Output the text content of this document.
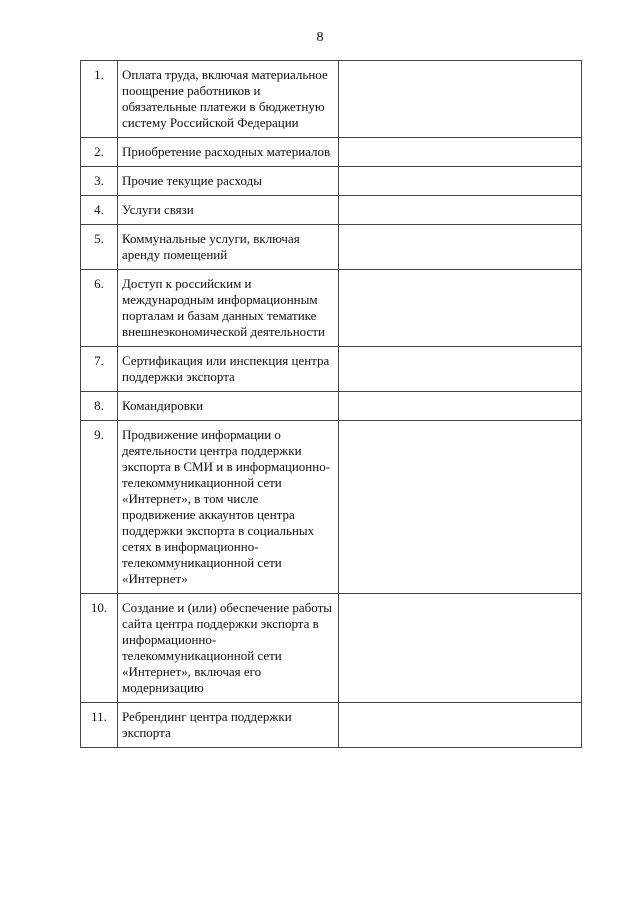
8
1.	Оплата труда, включая материальное поощрение работников и обязательные платежи в бюджетную систему Российской Федерации	
2.	Приобретение расходных материалов	
3.	Прочие текущие расходы	
4.	Услуги связи	
5.	Коммунальные услуги, включая аренду помещений	
6.	Доступ к российским и международным информационным порталам и базам данных тематике внешнеэкономической деятельности	
7.	Сертификация или инспекция центра поддержки экспорта	
8.	Командировки	
9.	Продвижение информации о деятельности центра поддержки экспорта в СМИ и в информационно-телекоммуникационной сети «Интернет», в том числе продвижение аккаунтов центра поддержки экспорта в социальных сетях в информационно-телекоммуникационной сети «Интернет»	
10.	Создание и (или) обеспечение работы сайта центра поддержки экспорта в информационно-телекоммуникационной сети «Интернет», включая его модернизацию	
11.	Ребрендинг центра поддержки экспорта	
